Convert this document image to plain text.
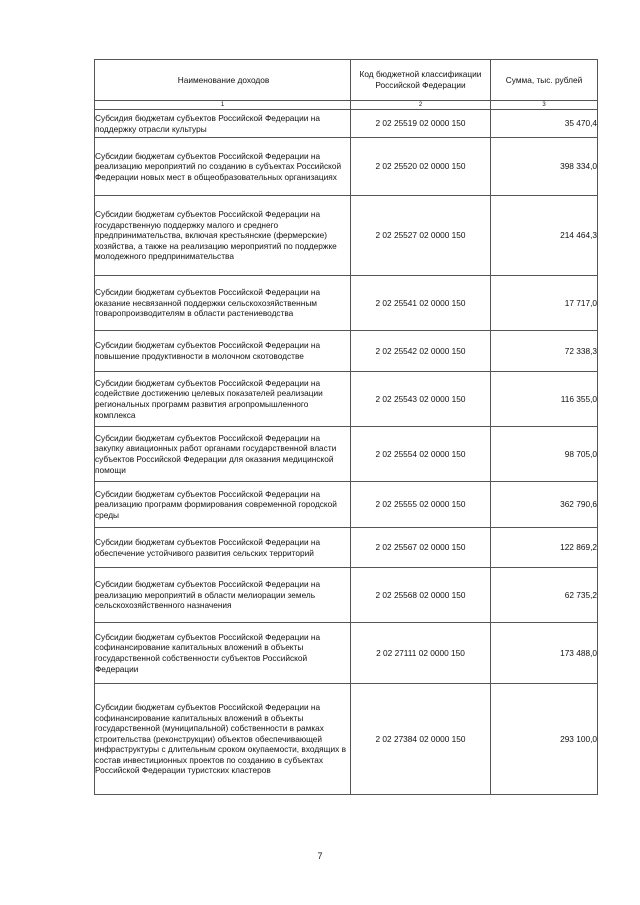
Наименование доходов	Код бюджетной классификации Российской Федерации	Сумма, тыс. рублей
1	2	3
Субсидия бюджетам субъектов Российской Федерации на поддержку отрасли культуры	2 02 25519 02 0000 150	35 470,4
Субсидии бюджетам субъектов Российской Федерации на реализацию мероприятий по созданию в субъектах Российской Федерации новых мест в общеобразовательных организациях	2 02 25520 02 0000 150	398 334,0
Субсидии бюджетам субъектов Российской Федерации на государственную поддержку малого и среднего предпринимательства, включая крестьянские (фермерские) хозяйства, а также на реализацию мероприятий по поддержке молодежного предпринимательства	2 02 25527 02 0000 150	214 464,3
Субсидии бюджетам субъектов Российской Федерации на оказание несвязанной поддержки сельскохозяйственным товаропроизводителям в области растениеводства	2 02 25541 02 0000 150	17 717,0
Субсидии бюджетам субъектов Российской Федерации на повышение продуктивности в молочном скотоводстве	2 02 25542 02 0000 150	72 338,3
Субсидии бюджетам субъектов Российской Федерации на содействие достижению целевых показателей реализации региональных программ развития агропромышленного комплекса	2 02 25543 02 0000 150	116 355,0
Субсидии бюджетам субъектов Российской Федерации на закупку авиационных работ органами государственной власти субъектов Российской Федерации для оказания медицинской помощи	2 02 25554 02 0000 150	98 705,0
Субсидии бюджетам субъектов Российской Федерации на реализацию программ формирования современной городской среды	2 02 25555 02 0000 150	362 790,6
Субсидии бюджетам субъектов Российской Федерации на обеспечение устойчивого развития сельских территорий	2 02 25567 02 0000 150	122 869,2
Субсидии бюджетам субъектов Российской Федерации на реализацию мероприятий в области мелиорации земель сельскохозяйственного назначения	2 02 25568 02 0000 150	62 735,2
Субсидии бюджетам субъектов Российской Федерации на софинансирование капитальных вложений в объекты государственной собственности субъектов Российской Федерации	2 02 27111 02 0000 150	173 488,0
Субсидии бюджетам субъектов Российской Федерации на софинансирование капитальных вложений в объекты государственной (муниципальной) собственности в рамках строительства (реконструкции) объектов обеспечивающей инфраструктуры с длительным сроком окупаемости, входящих в состав инвестиционных проектов по созданию в субъектах Российской Федерации туристских кластеров	2 02 27384 02 0000 150	293 100,0
7
